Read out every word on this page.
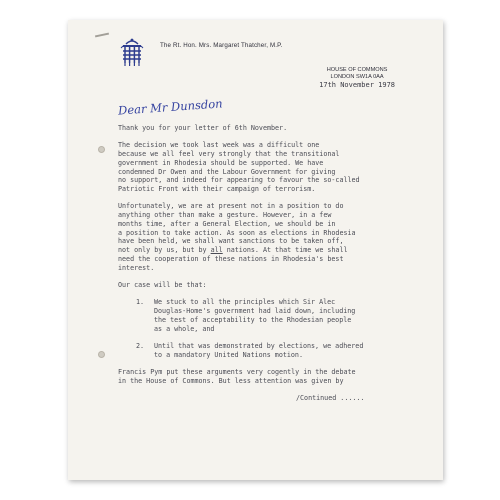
The Rt. Hon. Mrs. Margaret Thatcher, M.P.
HOUSE OF COMMONS
LONDON SW1A 0AA
17th November 1978
Dear Mr Dunsdon
Thank you for your letter of 6th November.
The decision we took last week was a difficult one
because we all feel very strongly that the transitional
government in Rhodesia should be supported. We have
condemned Dr Owen and the Labour Government for giving
no support, and indeed for appearing to favour the so-called
Patriotic Front with their campaign of terrorism.
Unfortunately, we are at present not in a position to do
anything other than make a gesture. However, in a few
months time, after a General Election, we should be in
a position to take action. As soon as elections in Rhodesia
have been held, we shall want sanctions to be taken off,
not only by us, but by all nations. At that time we shall
need the cooperation of these nations in Rhodesia's best
interest.
Our case will be that:
1.	We stuck to all the principles which Sir Alec
Douglas-Home's government had laid down, including
the test of acceptability to the Rhodesian people
as a whole, and
2.	Until that was demonstrated by elections, we adhered
to a mandatory United Nations motion.
Francis Pym put these arguments very cogently in the debate
in the House of Commons. But less attention was given by
/Continued ......
